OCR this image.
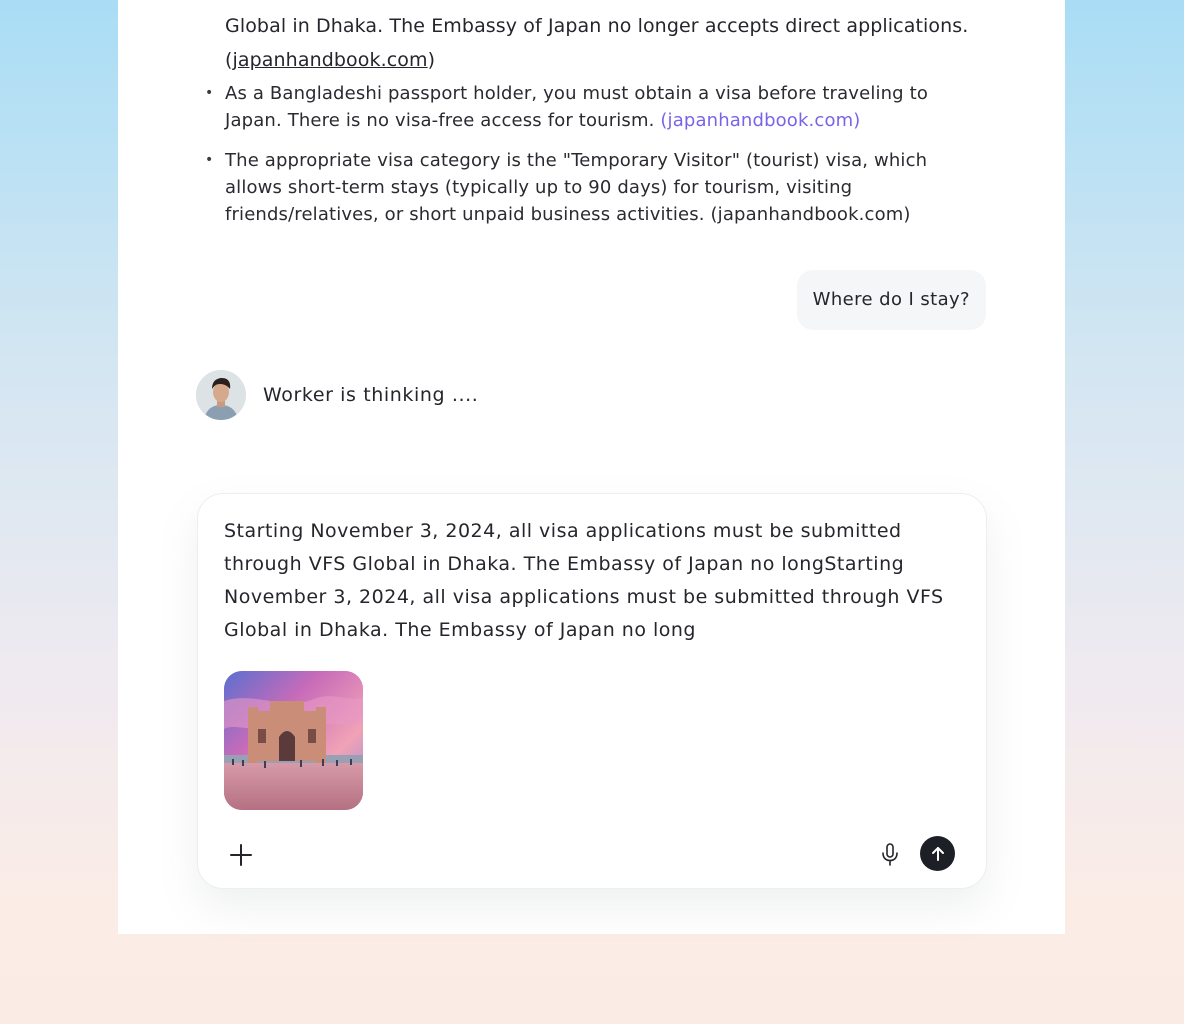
Global in Dhaka. The Embassy of Japan no longer accepts direct applications.
(japanhandbook.com)
• As a Bangladeshi passport holder, you must obtain a visa before traveling to Japan. There is no visa-free access for tourism. (japanhandbook.com)
• The appropriate visa category is the "Temporary Visitor" (tourist) visa, which allows short-term stays (typically up to 90 days) for tourism, visiting friends/relatives, or short unpaid business activities. (japanhandbook.com)
Where do I stay?
Worker is thinking ....
Starting November 3, 2024, all visa applications must be submitted
through VFS Global in Dhaka. The Embassy of Japan no longStarting
November 3, 2024, all visa applications must be submitted through VFS
Global in Dhaka. The Embassy of Japan no long
